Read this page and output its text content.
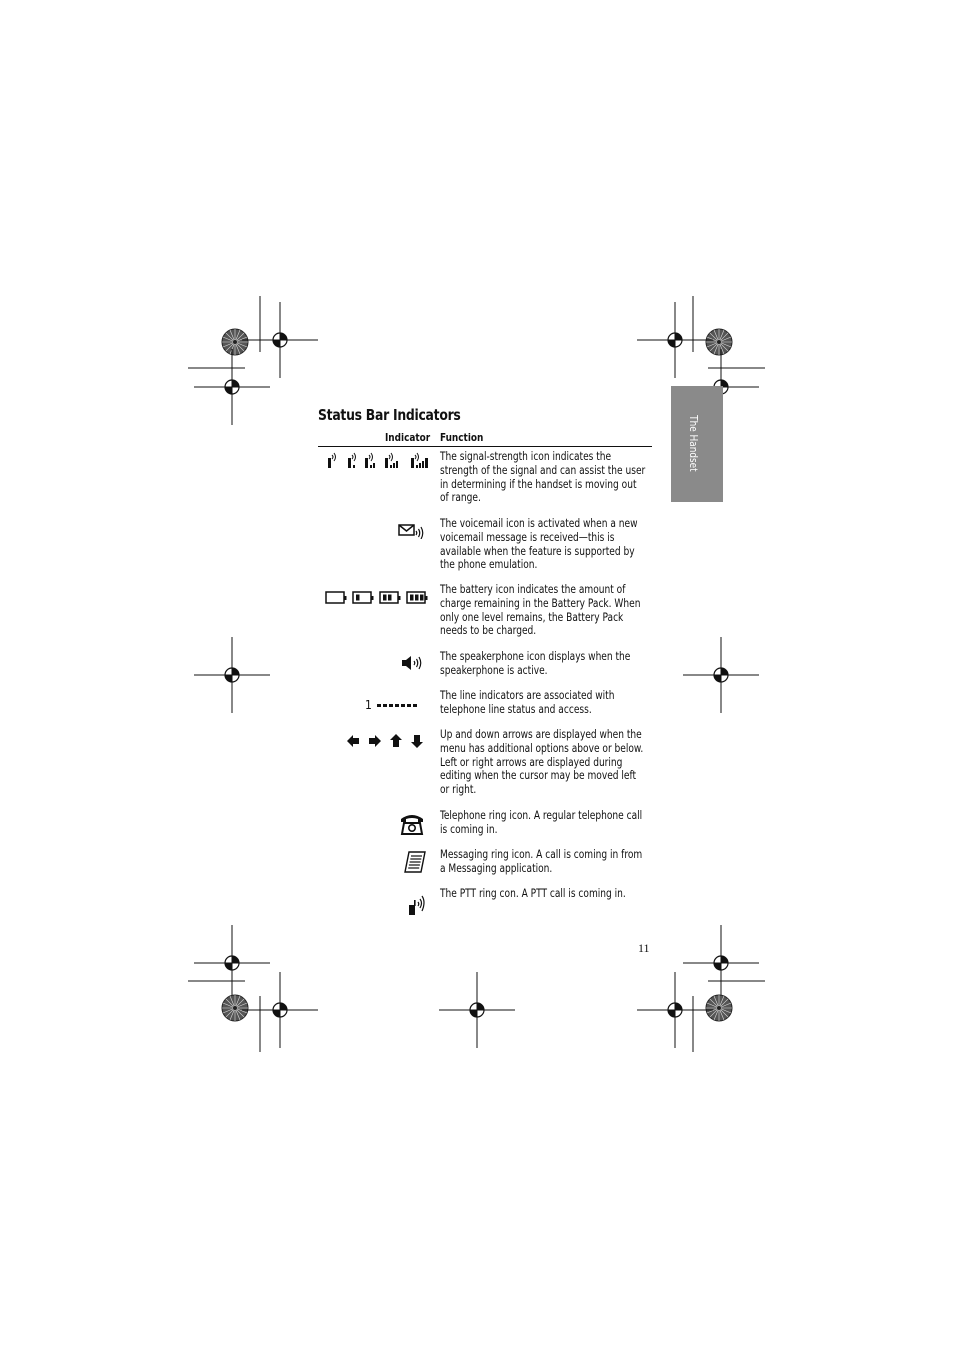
The Handset
Status Bar Indicators
Indicator Function
The signal-strength icon indicates the strength of the signal and can assist the user in determining if the handset is moving out of range.
The voicemail icon is activated when a new voicemail message is received—this is available when the feature is supported by the phone emulation.
The battery icon indicates the amount of charge remaining in the Battery Pack. When only one level remains, the Battery Pack needs to be charged.
The speakerphone icon displays when the speakerphone is active.
1
The line indicators are associated with telephone line status and access.
Up and down arrows are displayed when the menu has additional options above or below. Left or right arrows are displayed during editing when the cursor may be moved left or right.
Telephone ring icon. A regular telephone call is coming in.
Messaging ring icon. A call is coming in from a Messaging application.
The PTT ring con. A PTT call is coming in.
11
